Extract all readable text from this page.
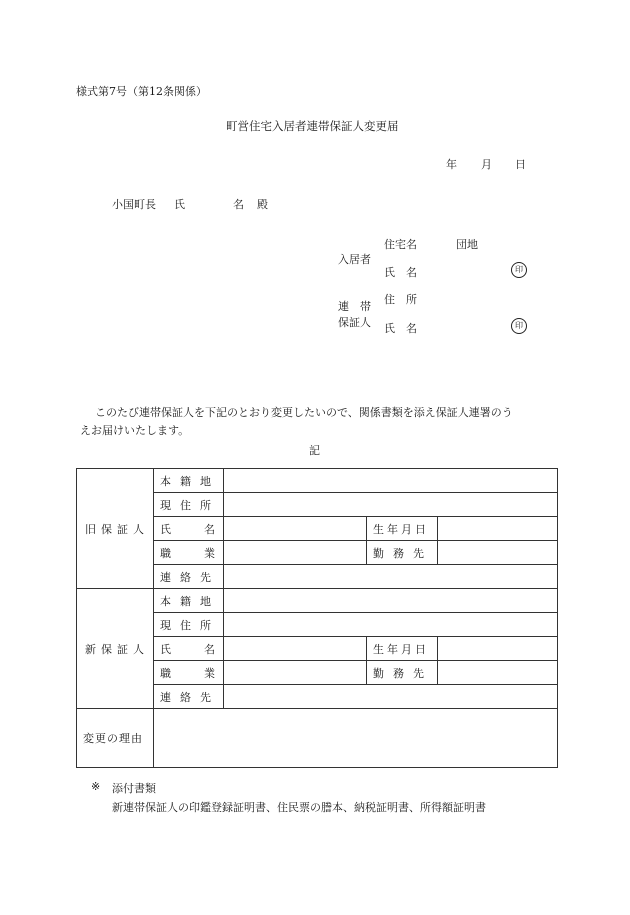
様式第7号（第12条関係）
町営住宅入居者連帯保証人変更届
年 月 日
小国町長 氏	名 殿
入居者
住宅名	団地
氏　名	印
連　帯
保証人
住　所
氏　名	印
このたび連帯保証人を下記のとおり変更したいので、関係書類を添え保証人連署のう
えお届けいたします。
記
旧保証人	本籍地			
	現住所			
	氏 名		生年月日	
	職 業		勤務先	
	連絡先			
新保証人	本籍地			
	現住所			
	氏 名		生年月日	
	職 業		勤務先	
	連絡先			
変更の理由				
※ 添付書類
新連帯保証人の印鑑登録証明書、住民票の謄本、納税証明書、所得額証明書
